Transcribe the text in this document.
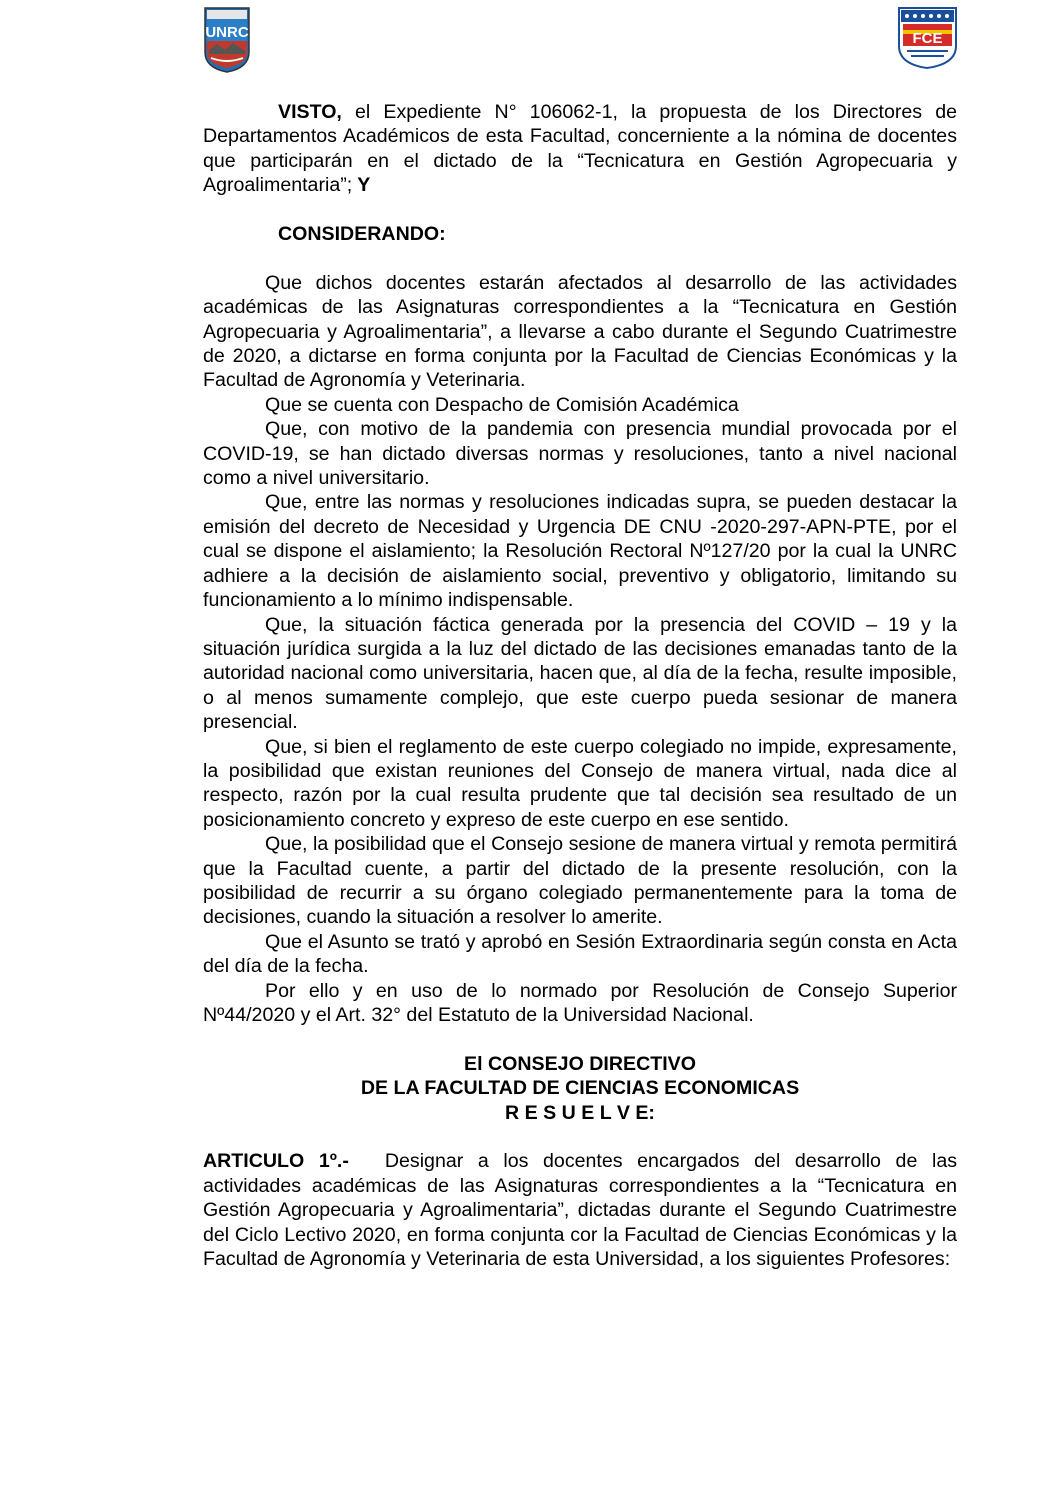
UNRC	FCE

VISTO, el Expediente N° 106062-1, la propuesta de los Directores de Departamentos Académicos de esta Facultad, concerniente a la nómina de docentes que participarán en el dictado de la “Tecnicatura en Gestión Agropecuaria y Agroalimentaria”; Y

CONSIDERANDO:

Que dichos docentes estarán afectados al desarrollo de las actividades académicas de las Asignaturas correspondientes a la “Tecnicatura en Gestión Agropecuaria y Agroalimentaria”, a llevarse a cabo durante el Segundo Cuatrimestre de 2020, a dictarse en forma conjunta por la Facultad de Ciencias Económicas y la Facultad de Agronomía y Veterinaria.

Que se cuenta con Despacho de Comisión Académica

Que, con motivo de la pandemia con presencia mundial provocada por el COVID-19, se han dictado diversas normas y resoluciones, tanto a nivel nacional como a nivel universitario.

Que, entre las normas y resoluciones indicadas supra, se pueden destacar la emisión del decreto de Necesidad y Urgencia DE CNU -2020-297-APN-PTE, por el cual se dispone el aislamiento; la Resolución Rectoral Nº127/20 por la cual la UNRC adhiere a la decisión de aislamiento social, preventivo y obligatorio, limitando su funcionamiento a lo mínimo indispensable.

Que, la situación fáctica generada por la presencia del COVID – 19 y la situación jurídica surgida a la luz del dictado de las decisiones emanadas tanto de la autoridad nacional como universitaria, hacen que, al día de la fecha, resulte imposible, o al menos sumamente complejo, que este cuerpo pueda sesionar de manera presencial.

Que, si bien el reglamento de este cuerpo colegiado no impide, expresamente, la posibilidad que existan reuniones del Consejo de manera virtual, nada dice al respecto, razón por la cual resulta prudente que tal decisión sea resultado de un posicionamiento concreto y expreso de este cuerpo en ese sentido.

Que, la posibilidad que el Consejo sesione de manera virtual y remota permitirá que la Facultad cuente, a partir del dictado de la presente resolución, con la posibilidad de recurrir a su órgano colegiado permanentemente para la toma de decisiones, cuando la situación a resolver lo amerite.

Que el Asunto se trató y aprobó en Sesión Extraordinaria según consta en Acta del día de la fecha.

Por ello y en uso de lo normado por Resolución de Consejo Superior Nº44/2020 y el Art. 32° del Estatuto de la Universidad Nacional.

El CONSEJO DIRECTIVO

DE LA FACULTAD DE CIENCIAS ECONOMICAS

R E S U E L V E:

ARTICULO 1º.- Designar a los docentes encargados del desarrollo de las actividades académicas de las Asignaturas correspondientes a la “Tecnicatura en Gestión Agropecuaria y Agroalimentaria”, dictadas durante el Segundo Cuatrimestre del Ciclo Lectivo 2020, en forma conjunta cor la Facultad de Ciencias Económicas y la Facultad de Agronomía y Veterinaria de esta Universidad, a los siguientes Profesores:
